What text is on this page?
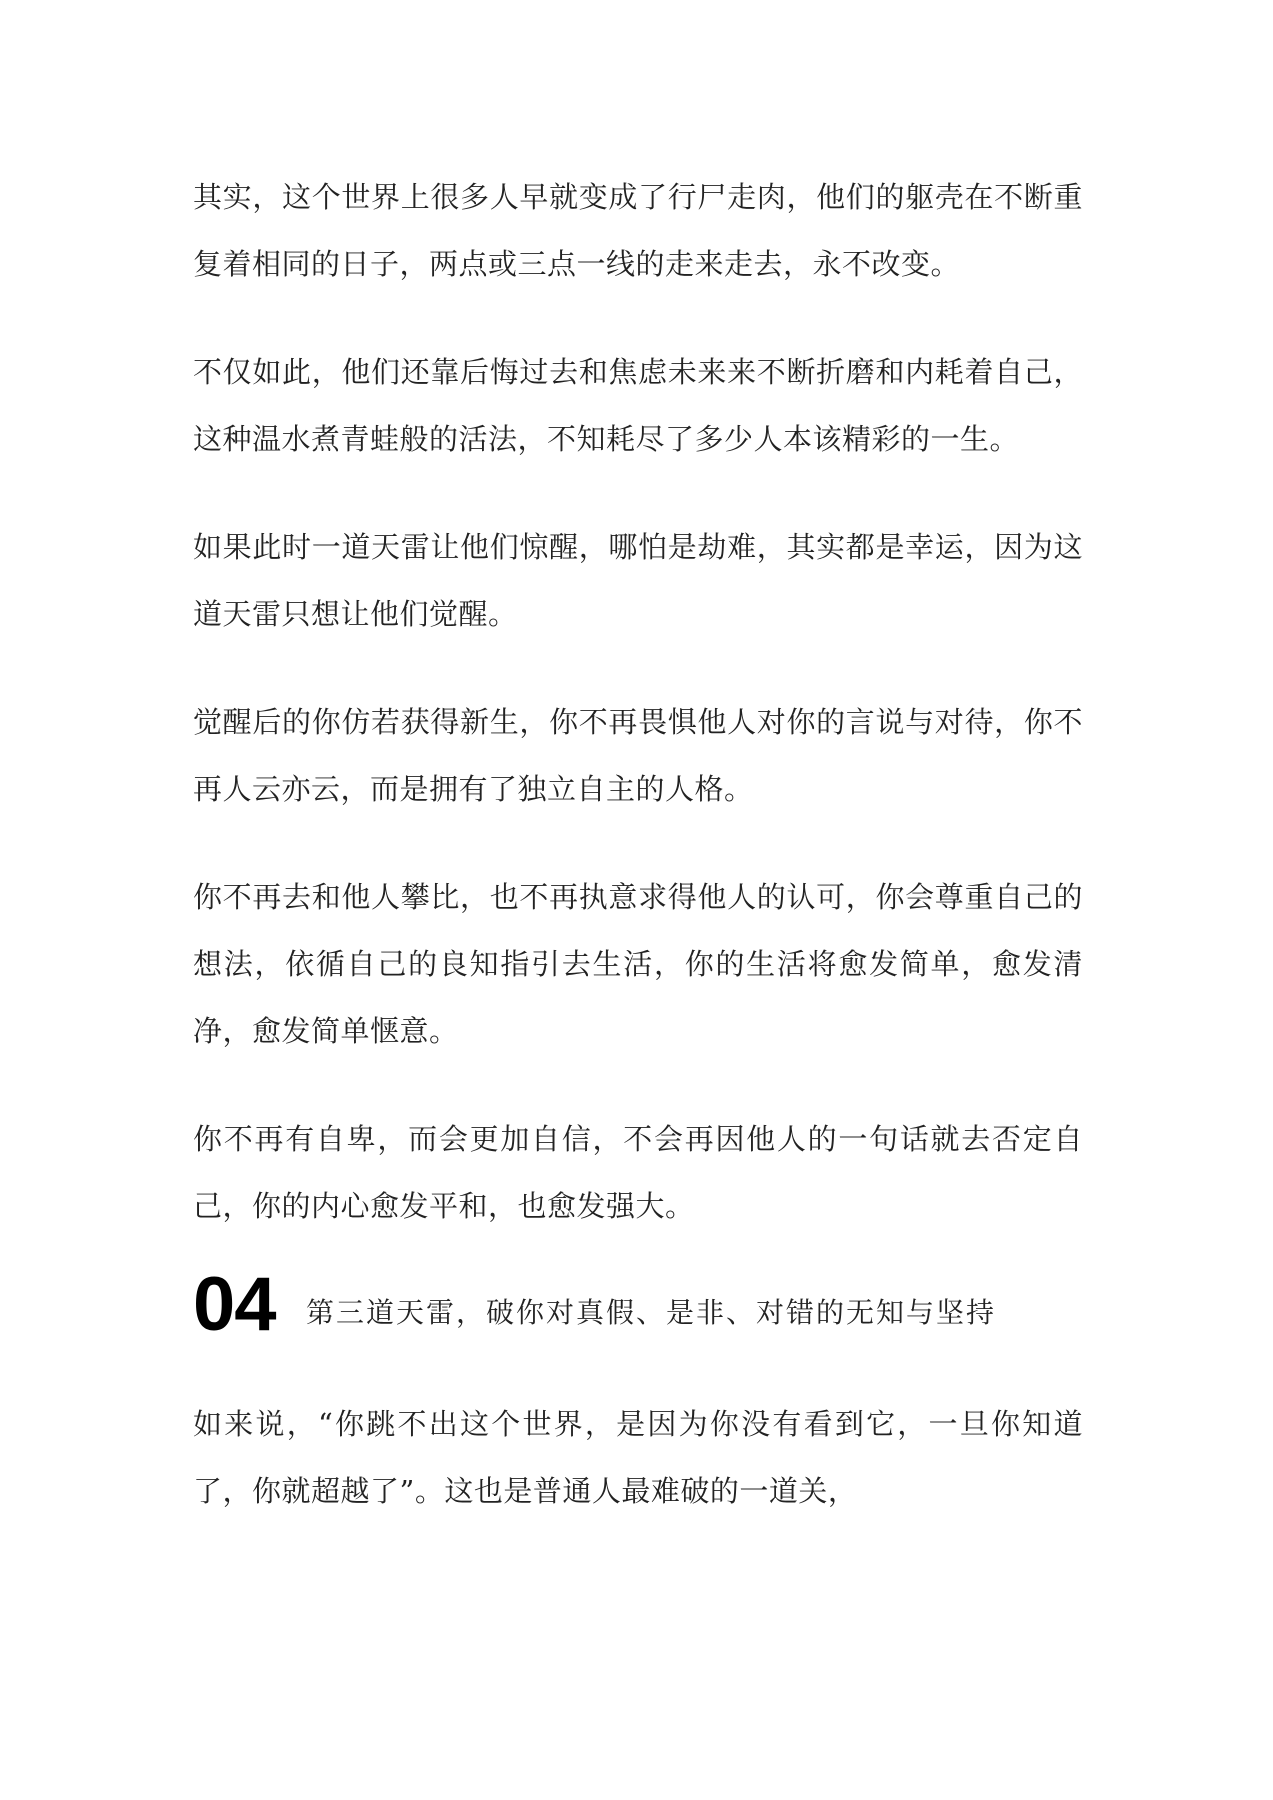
其实，这个世界上很多人早就变成了行尸走肉，他们的躯壳在不断重复着相同的日子，两点或三点一线的走来走去，永不改变。

不仅如此，他们还靠后悔过去和焦虑未来来不断折磨和内耗着自己，这种温水煮青蛙般的活法，不知耗尽了多少人本该精彩的一生。

如果此时一道天雷让他们惊醒，哪怕是劫难，其实都是幸运，因为这道天雷只想让他们觉醒。

觉醒后的你仿若获得新生，你不再畏惧他人对你的言说与对待，你不再人云亦云，而是拥有了独立自主的人格。

你不再去和他人攀比，也不再执意求得他人的认可，你会尊重自己的想法，依循自己的良知指引去生活，你的生活将愈发简单，愈发清净，愈发简单惬意。

你不再有自卑，而会更加自信，不会再因他人的一句话就去否定自己，你的内心愈发平和，也愈发强大。

04 第三道天雷，破你对真假、是非、对错的无知与坚持

如来说，“你跳不出这个世界，是因为你没有看到它，一旦你知道了，你就超越了”。这也是普通人最难破的一道关，
